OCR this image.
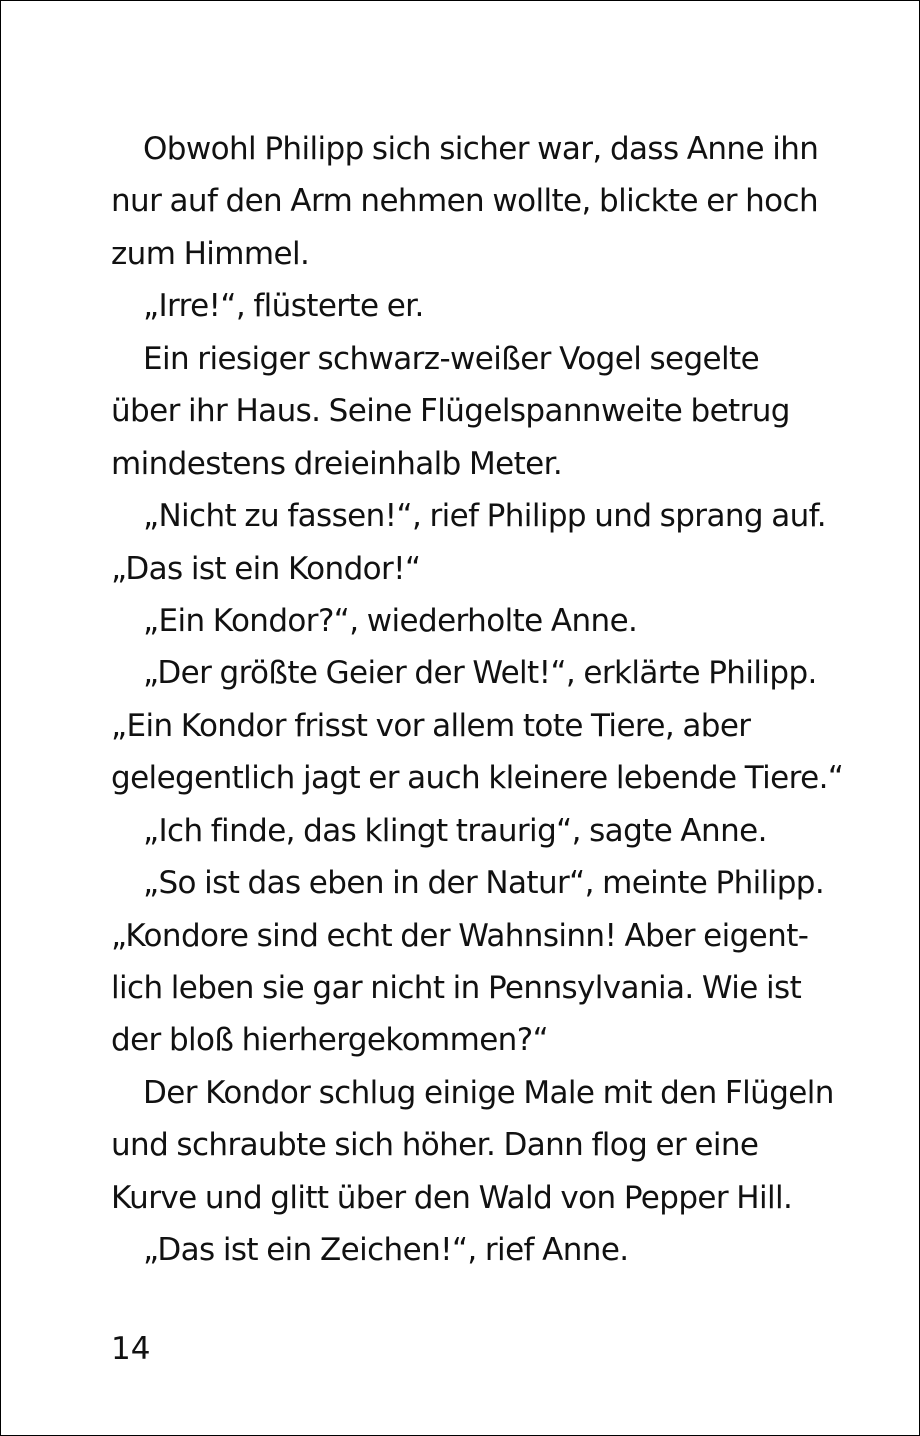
Obwohl Philipp sich sicher war, dass Anne ihn
nur auf den Arm nehmen wollte, blickte er hoch
zum Himmel.
„Irre!“, flüsterte er.
Ein riesiger schwarz-weißer Vogel segelte
über ihr Haus. Seine Flügelspannweite betrug
mindestens dreieinhalb Meter.
„Nicht zu fassen!“, rief Philipp und sprang auf.
„Das ist ein Kondor!“
„Ein Kondor?“, wiederholte Anne.
„Der größte Geier der Welt!“, erklärte Philipp.
„Ein Kondor frisst vor allem tote Tiere, aber
gelegentlich jagt er auch kleinere lebende Tiere.“
„Ich finde, das klingt traurig“, sagte Anne.
„So ist das eben in der Natur“, meinte Philipp.
„Kondore sind echt der Wahnsinn! Aber eigent-
lich leben sie gar nicht in Pennsylvania. Wie ist
der bloß hierhergekommen?“
Der Kondor schlug einige Male mit den Flügeln
und schraubte sich höher. Dann flog er eine
Kurve und glitt über den Wald von Pepper Hill.
„Das ist ein Zeichen!“, rief Anne.
14
